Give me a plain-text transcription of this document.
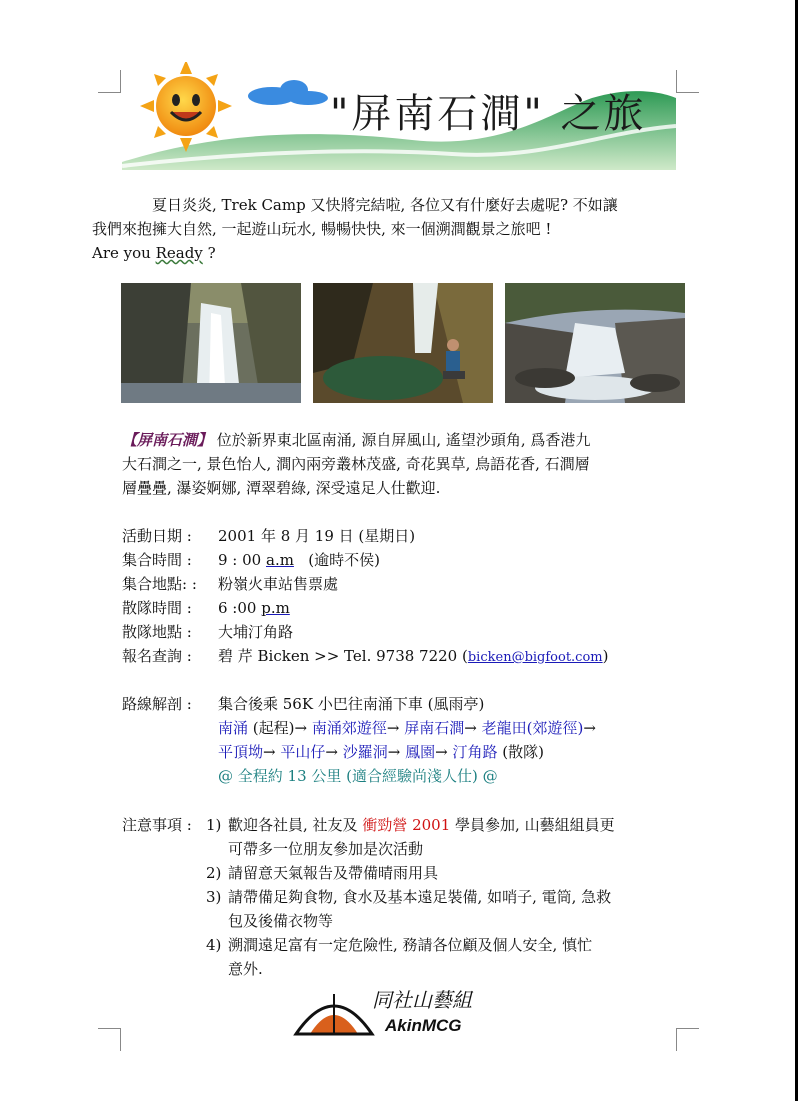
"屏南石澗" 之旅
夏日炎炎, Trek Camp 又快將完結啦, 各位又有什麼好去處呢? 不如讓
我們來抱擁大自然, 一起遊山玩水, 暢暢快快, 來一個溯澗觀景之旅吧 !
Are you Ready ?
【屏南石澗】 位於新界東北區南涌, 源自屏風山, 遙望沙頭角, 爲香港九
大石澗之一, 景色怡人, 澗內兩旁叢林茂盛, 奇花異草, 鳥語花香, 石澗層
層疊疊, 瀑姿婀娜, 潭翠碧綠, 深受遠足人仕歡迎.
活動日期 : 2001 年 8 月 19 日 (星期日)
集合時間 : 9 : 00 a.m   (逾時不侯)
集合地點: : 粉嶺火車站售票處
散隊時間 : 6 :00 p.m
散隊地點 : 大埔汀角路
報名查詢 : 碧 芹 Bicken >> Tel. 9738 7220 (bicken@bigfoot.com)
路線解剖 : 集合後乘 56K 小巴往南涌下車 (風雨亭)
南涌 (起程)→ 南涌郊遊徑→ 屏南石澗→ 老龍田(郊遊徑)→
平頂坳→ 平山仔→ 沙羅洞→ 鳳園→ 汀角路 (散隊)
@ 全程約 13 公里 (適合經驗尚淺人仕) @
注意事項 : 1) 歡迎各社員, 社友及 衝勁營 2001 學員參加, 山藝組組員更
可帶多一位朋友參加是次活動
2) 請留意天氣報告及帶備晴雨用具
3) 請帶備足夠食物, 食水及基本遠足裝備, 如哨子, 電筒, 急救
包及後備衣物等
4) 溯澗遠足富有一定危險性, 務請各位顧及個人安全, 慎忙
意外.
同社山藝組
AkinMCG
